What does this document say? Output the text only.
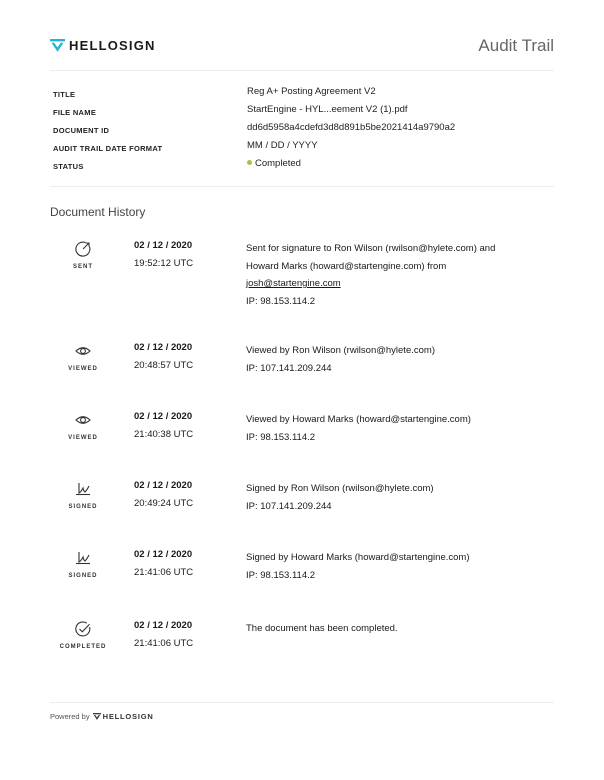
HELLOSIGN	Audit Trail
TITLE	Reg A+ Posting Agreement V2
FILE NAME	StartEngine - HYL...eement V2 (1).pdf
DOCUMENT ID	dd6d5958a4cdefd3d8d891b5be2021414a9790a2
AUDIT TRAIL DATE FORMAT	MM / DD / YYYY
STATUS	Completed
Document History
SENT
02 / 12 / 2020
19:52:12 UTC
Sent for signature to Ron Wilson (rwilson@hylete.com) and
Howard Marks (howard@startengine.com) from
josh@startengine.com
IP: 98.153.114.2
VIEWED
02 / 12 / 2020
20:48:57 UTC
Viewed by Ron Wilson (rwilson@hylete.com)
IP: 107.141.209.244
VIEWED
02 / 12 / 2020
21:40:38 UTC
Viewed by Howard Marks (howard@startengine.com)
IP: 98.153.114.2
SIGNED
02 / 12 / 2020
20:49:24 UTC
Signed by Ron Wilson (rwilson@hylete.com)
IP: 107.141.209.244
SIGNED
02 / 12 / 2020
21:41:06 UTC
Signed by Howard Marks (howard@startengine.com)
IP: 98.153.114.2
COMPLETED
02 / 12 / 2020
21:41:06 UTC
The document has been completed.
Powered by HELLOSIGN
